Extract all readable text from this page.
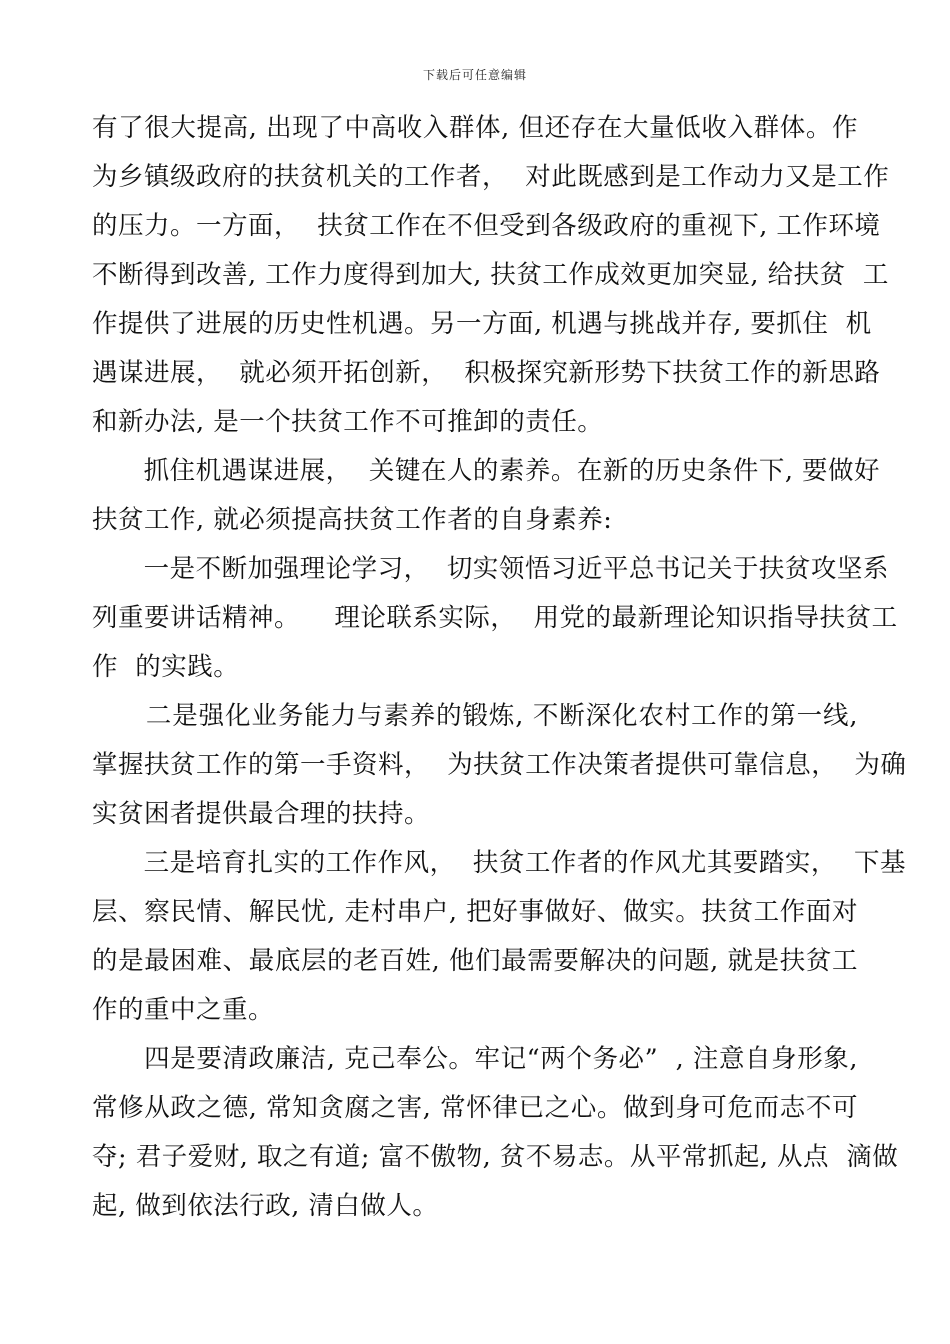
下载后可任意编辑
有了很大提高, 出现了中高收入群体, 但还存在大量低收入群体。作
为乡镇级政府的扶贫机关的工作者，  对此既感到是工作动力又是工作
的压力。一方面，  扶贫工作在不但受到各级政府的重视下, 工作环境
不断得到改善, 工作力度得到加大, 扶贫工作成效更加突显, 给扶贫  工
作提供了进展的历史性机遇。另一方面, 机遇与挑战并存, 要抓住  机
遇谋进展，  就必须开拓创新，  积极探究新形势下扶贫工作的新思路
和新办法, 是一个扶贫工作不可推卸的责任。
抓住机遇谋进展，  关键在人的素养。在新的历史条件下, 要做好
扶贫工作, 就必须提高扶贫工作者的自身素养:
一是不断加强理论学习，  切实领悟习近平总书记关于扶贫攻坚系
列重要讲话精神。    理论联系实际，  用党的最新理论知识指导扶贫工
作  的实践。
二是强化业务能力与素养的锻炼, 不断深化农村工作的第一线,
掌握扶贫工作的第一手资料，  为扶贫工作决策者提供可靠信息，  为确
实贫困者提供最合理的扶持。
三是培育扎实的工作作风，  扶贫工作者的作风尤其要踏实，  下基
层、察民情、解民忧, 走村串户, 把好事做好、做实。扶贫工作面对
的是最困难、最底层的老百姓, 他们最需要解决的问题, 就是扶贫工
作的重中之重。
四是要清政廉洁, 克己奉公。牢记“两个务必”  , 注意自身形象,
常修从政之德, 常知贪腐之害, 常怀律已之心。做到身可危而志不可
夺; 君子爱财, 取之有道; 富不傲物, 贫不易志。从平常抓起, 从点  滴做
起, 做到依法行政, 清白做人。
